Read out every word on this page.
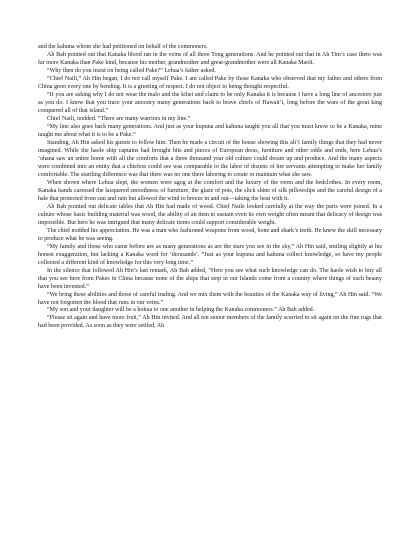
and the kahuna whom she had petitioned on behalf of the commoners.

Ah Bah pointed out that Kanaka blood ran in the veins of all three Tong generations. And he pointed out that in Ah Tim’s case there was far more Kanaka than Pake kind, because his mother, grandmother and great-grandmother were all Kanaka Maoli.

“Why then do you insist on being called Pake?” Lehua’s father asked.

“Chief Naili,” Ah Hin began, I do not call myself Pake. I am called Pake by those Kanaka who observed that my father and others from China greet every one by bending. It is a greeting of respect. I do not object to being thought respectful.

“If you are asking why I do not wear the malo and the kihei and claim to be only Kanaka it is because I have a long line of ancestors just as you do. I know that you trace your ancestry many generations back to brave chiefs of Hawaii’i, long before the wars of the great king conquered all of that island.”

Chief Naili, nodded. “There are many warriors in my line.”

“My line also goes back many generations. And just as your kupuna and kahuna taught you all that you must know to be a Kanaka, mine taught me about what it is to be a Pake.”

Standing, Ah Hin asked his guests to follow him. Then he made a circuit of the house showing this ali’i family things that they had never imagined. While the haole ship captains had brought bits and pieces of European dress, furniture and other odds and ends, here Lehua’s ’ohana saw an entire home with all the comforts that a three thousand year old culture could dream up and produce. And the many aspects were combined into an entity that a chiefess could see was comparable to the labor of dozens of her servants attempting to make her family comfortable. The startling difference was that there was no one there laboring to create or maintain what she saw.

When shown where Lehua slept, the women were agog at the comfort and the luxury of the room and the bedclothes. In every room, Kanaka hands caressed the lacquered smoothness of furniture, the glaze of pots, the slick shine of silk pillowslips and the careful design of a hale that protected from sun and rain but allowed the wind to breeze in and out—taking the heat with it.

Ah Bah pointed out delicate tables that Ah Hin had made of wood. Chief Naile looked carefully at the way the parts were joined. In a culture whose basic building material was wood, the ability of an item to sustain even its own weight often meant that delicacy of design was impossible. But here he was intrigued that many delicate items could support considerable weight.

The chief nodded his appreciation. He was a man who fashioned weapons from wood, bone and shark’s teeth. He knew the skill necessary to produce what he was seeing.

“My family and those who came before are as many generations as are the stars you see in the sky,” Ah Hin said, smiling slightly at his honest exaggeration, but lacking a Kanaka word for ‘thousands’. “Just as your kupuna and kahuna collect knowledge, so have my people collected a different kind of knowledge for this very long time.”

In the silence that followed Ah Hin’s last remark, Ah Bah added, “Here you see what such knowledge can do. The haole wish to buy all that you see here from Pakes in China because none of the ships that stop in our Islands come from a country where things of such beauty have been invented.”

“We bring these abilities and those of careful trading. And we mix them with the beauties of the Kanaka way of living,” Ah Hin said. “We have not forgotten the blood that runs in our veins.”

“My son and your daughter will be a kokua to one another in helping the Kanaka commoners.” Ah Bah added.

“Please sit again and have more fruit,” Ah Hin invited. And all ten senior members of the family scurried to sit again on the fine rugs that had been provided. As soon as they were settled, Ah
